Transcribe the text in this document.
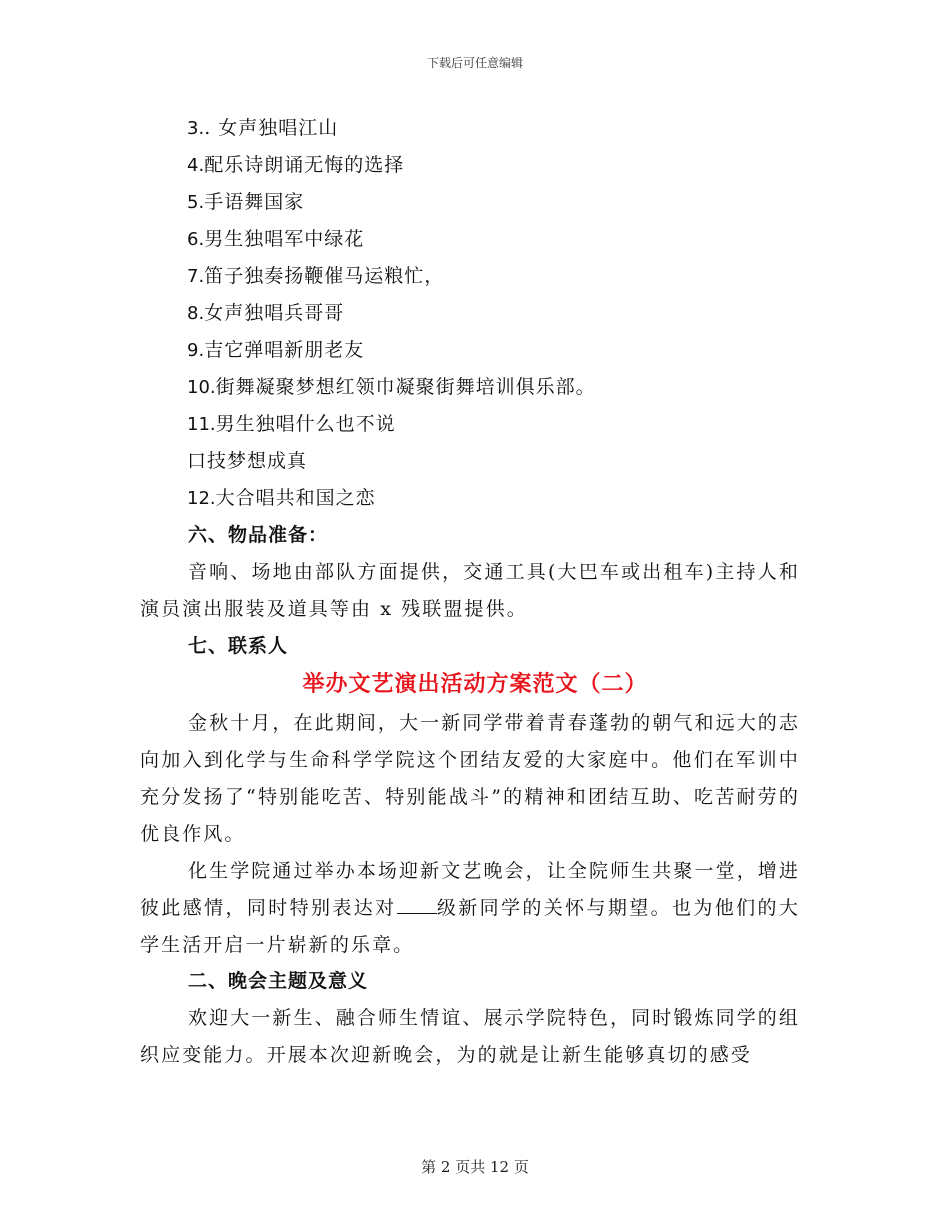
下载后可任意编辑
3.. 女声独唱江山
4.配乐诗朗诵无悔的选择
5.手语舞国家
6.男生独唱军中绿花
7.笛子独奏扬鞭催马运粮忙，
8.女声独唱兵哥哥
9.吉它弹唱新朋老友
10.街舞凝聚梦想红领巾凝聚街舞培训俱乐部。
11.男生独唱什么也不说
口技梦想成真
12.大合唱共和国之恋
六、物品准备：

音响、场地由部队方面提供，交通工具(大巴车或出租车)主持人和演员演出服装及道具等由 x 残联盟提供。

七、联系人
举办文艺演出活动方案范文（二）

金秋十月，在此期间，大一新同学带着青春蓬勃的朝气和远大的志向加入到化学与生命科学学院这个团结友爱的大家庭中。他们在军训中充分发扬了“特别能吃苦、特别能战斗”的精神和团结互助、吃苦耐劳的优良作风。

化生学院通过举办本场迎新文艺晚会，让全院师生共聚一堂，增进彼此感情，同时特别表达对 级新同学的关怀与期望。也为他们的大学生活开启一片崭新的乐章。

二、晚会主题及意义

欢迎大一新生、融合师生情谊、展示学院特色，同时锻炼同学的组织应变能力。开展本次迎新晚会，为的就是让新生能够真切的感受

第 2 页共 12 页
